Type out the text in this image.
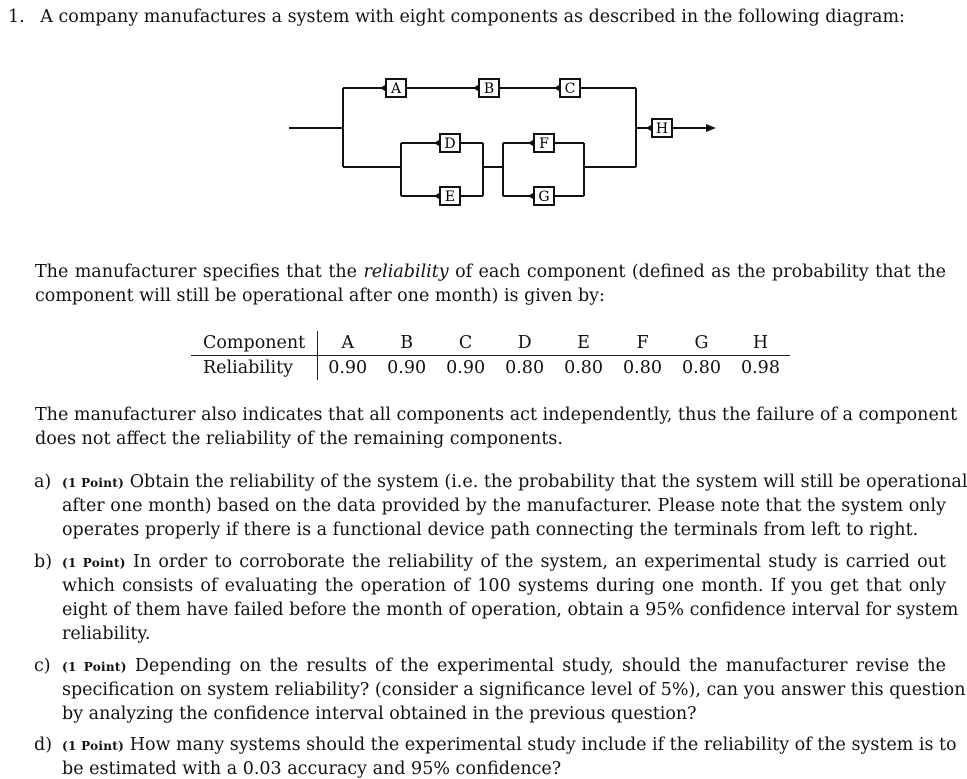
1. A company manufactures a system with eight components as described in the following diagram:
A	B	C
D
E
F
G
H
The manufacturer specifies that the reliability of each component (defined as the probability that the
component will still be operational after one month) is given by:
Component	A	B	C	D	E	F	G	H
Reliability	0.90	0.90	0.90	0.80	0.80	0.80	0.80	0.98
The manufacturer also indicates that all components act independently, thus the failure of a component
does not affect the reliability of the remaining components.
a) (1 Point) Obtain the reliability of the system (i.e. the probability that the system will still be operational
after one month) based on the data provided by the manufacturer. Please note that the system only
operates properly if there is a functional device path connecting the terminals from left to right.
b) (1 Point) In order to corroborate the reliability of the system, an experimental study is carried out
which consists of evaluating the operation of 100 systems during one month. If you get that only
eight of them have failed before the month of operation, obtain a 95% confidence interval for system
reliability.
c) (1 Point) Depending on the results of the experimental study, should the manufacturer revise the
specification on system reliability? (consider a significance level of 5%), can you answer this question
by analyzing the confidence interval obtained in the previous question?
d) (1 Point) How many systems should the experimental study include if the reliability of the system is to
be estimated with a 0.03 accuracy and 95% confidence?
